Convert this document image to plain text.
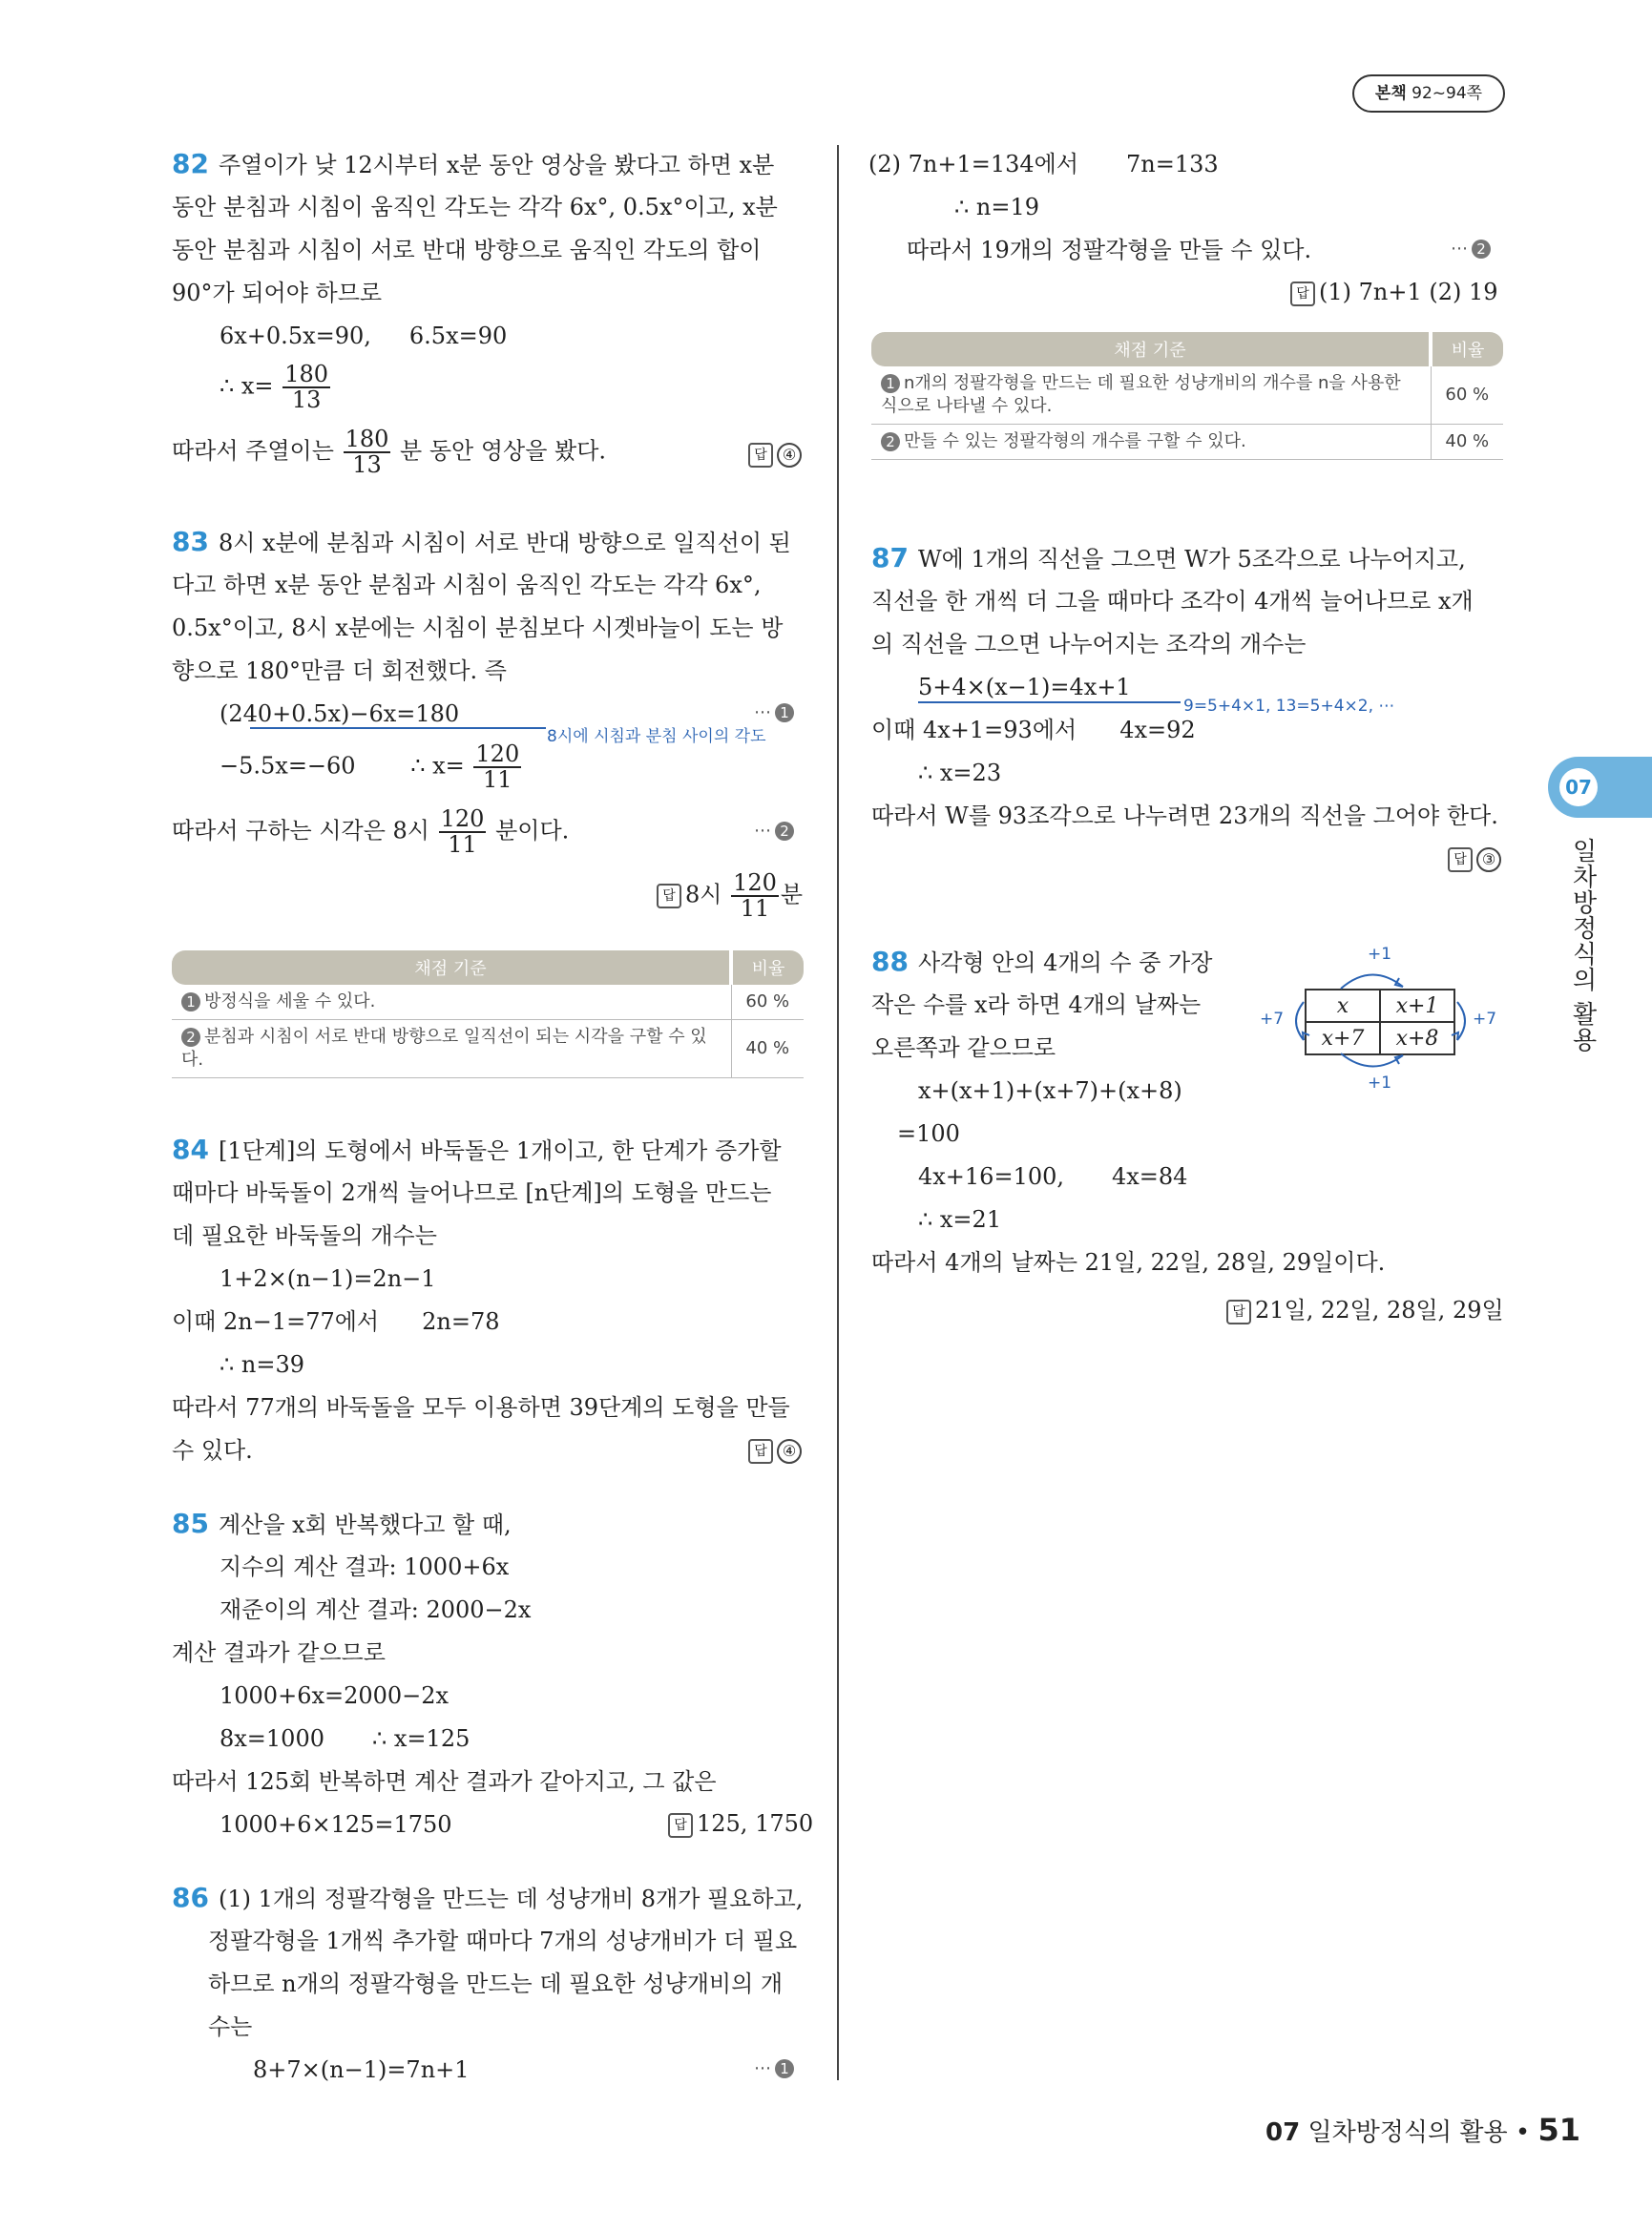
본책 92~94쪽
82 주열이가 낮 12시부터 x분 동안 영상을 봤다고 하면 x분
동안 분침과 시침이 움직인 각도는 각각 6x°, 0.5x°이고, x분
동안 분침과 시침이 서로 반대 방향으로 움직인 각도의 합이
90°가 되어야 하므로
6x+0.5x=90, 6.5x=90
∴ $x= \frac{180}{13}$
따라서 주열이는 $\frac{180}{13}$ 분 동안 영상을 봤다.	답 ④
83 8시 x분에 분침과 시침이 서로 반대 방향으로 일직선이 된
다고 하면 x분 동안 분침과 시침이 움직인 각도는 각각 6x°,
0.5x°이고, 8시 x분에는 시침이 분침보다 시곗바늘이 도는 방
향으로 180°만큼 더 회전했다. 즉
(240+0.5x)−6x=180
8시에 시침과 분침 사이의 각도
⋯ 1
−5.5x=−60 ∴ $x= \frac{120}{11}$
따라서 구하는 시각은 8시 $\frac{120}{11}$ 분이다.	⋯ 2
답 8시 $\frac{120}{11}$ 분
채점 기준	비율
1 방정식을 세울 수 있다.	60 %
2 분침과 시침이 서로 반대 방향으로 일직선이 되는 시각을 구할 수 있다.	40 %
84 [1단계]의 도형에서 바둑돌은 1개이고, 한 단계가 증가할
때마다 바둑돌이 2개씩 늘어나므로 [n단계]의 도형을 만드는
데 필요한 바둑돌의 개수는
1+2×(n−1)=2n−1
이때 2n−1=77에서 2n=78
∴ n=39
따라서 77개의 바둑돌을 모두 이용하면 39단계의 도형을 만들
수 있다.	답 ④
85 계산을 x회 반복했다고 할 때,
지수의 계산 결과: 1000+6x
재준이의 계산 결과: 2000−2x
계산 결과가 같으므로
1000+6x=2000−2x
8x=1000 ∴ x=125
따라서 125회 반복하면 계산 결과가 같아지고, 그 값은
1000+6×125=1750	답 125, 1750
86 (1) 1개의 정팔각형을 만드는 데 성냥개비 8개가 필요하고,
정팔각형을 1개씩 추가할 때마다 7개의 성냥개비가 더 필요
하므로 n개의 정팔각형을 만드는 데 필요한 성냥개비의 개
수는
8+7×(n−1)=7n+1	⋯ 1
(2) 7n+1=134에서 7n=133
∴ n=19
따라서 19개의 정팔각형을 만들 수 있다.	⋯ 2
답 (1) 7n+1 (2) 19
채점 기준	비율
1 n개의 정팔각형을 만드는 데 필요한 성냥개비의 개수를 n을 사용한 식으로 나타낼 수 있다.	60 %
2 만들 수 있는 정팔각형의 개수를 구할 수 있다.	40 %
87 W에 1개의 직선을 그으면 W가 5조각으로 나누어지고,
직선을 한 개씩 더 그을 때마다 조각이 4개씩 늘어나므로 x개
의 직선을 그으면 나누어지는 조각의 개수는
5+4×(x−1)=4x+1
9=5+4×1, 13=5+4×2, ⋯
이때 4x+1=93에서 4x=92
∴ x=23
따라서 W를 93조각으로 나누려면 23개의 직선을 그어야 한다.
답 ③
88 사각형 안의 4개의 수 중 가장
작은 수를 x라 하면 4개의 날짜는
오른쪽과 같으므로
x+(x+1)+(x+7)+(x+8)
=100
4x+16=100, 4x=84
∴ x=21
따라서 4개의 날짜는 21일, 22일, 28일, 29일이다.
답 21일, 22일, 28일, 29일
x	x+1
x+7	x+8
+1
+1
+7	+7
07
일차방정식의 활용
07 일차방정식의 활용 • 51
